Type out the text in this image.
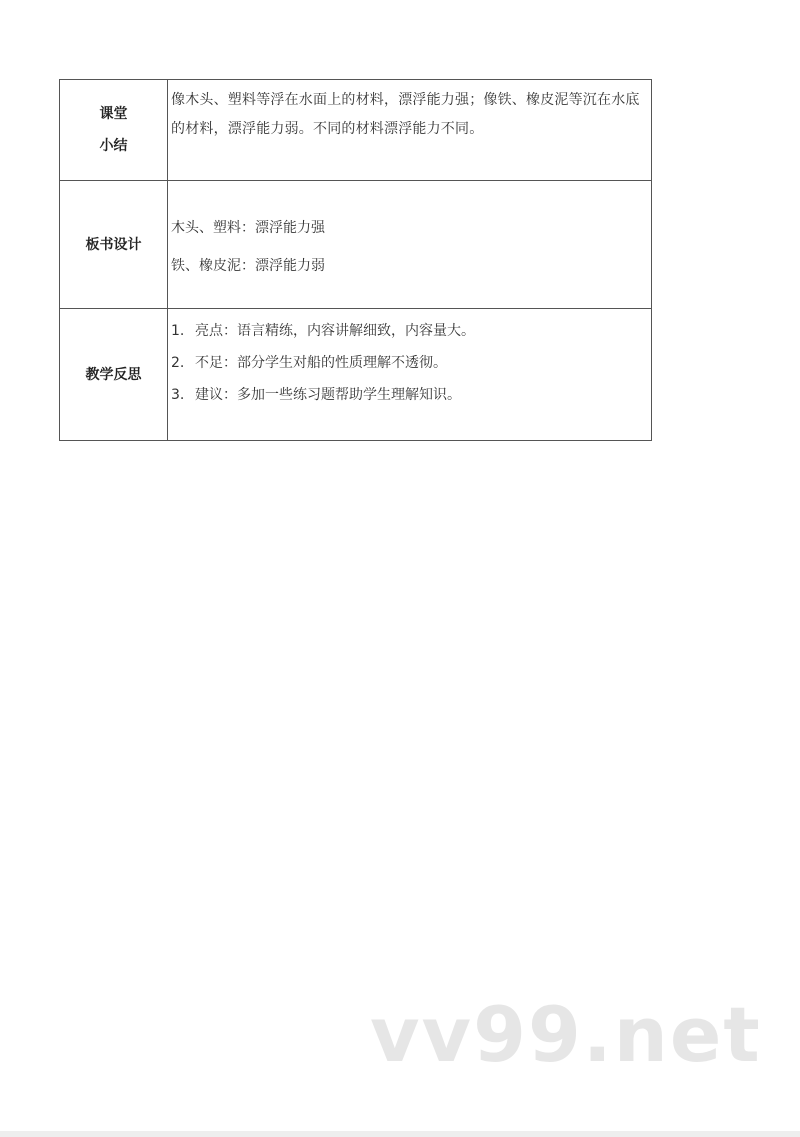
课堂
小结	像木头、塑料等浮在水面上的材料，漂浮能力强；像铁、橡皮泥等沉在水底的材料，漂浮能力弱。不同的材料漂浮能力不同。

板书设计	木头、塑料：漂浮能力强
铁、橡皮泥：漂浮能力弱

教学反思	1. 亮点：语言精练，内容讲解细致，内容量大。
2. 不足：部分学生对船的性质理解不透彻。
3. 建议：多加一些练习题帮助学生理解知识。
vv99.net
